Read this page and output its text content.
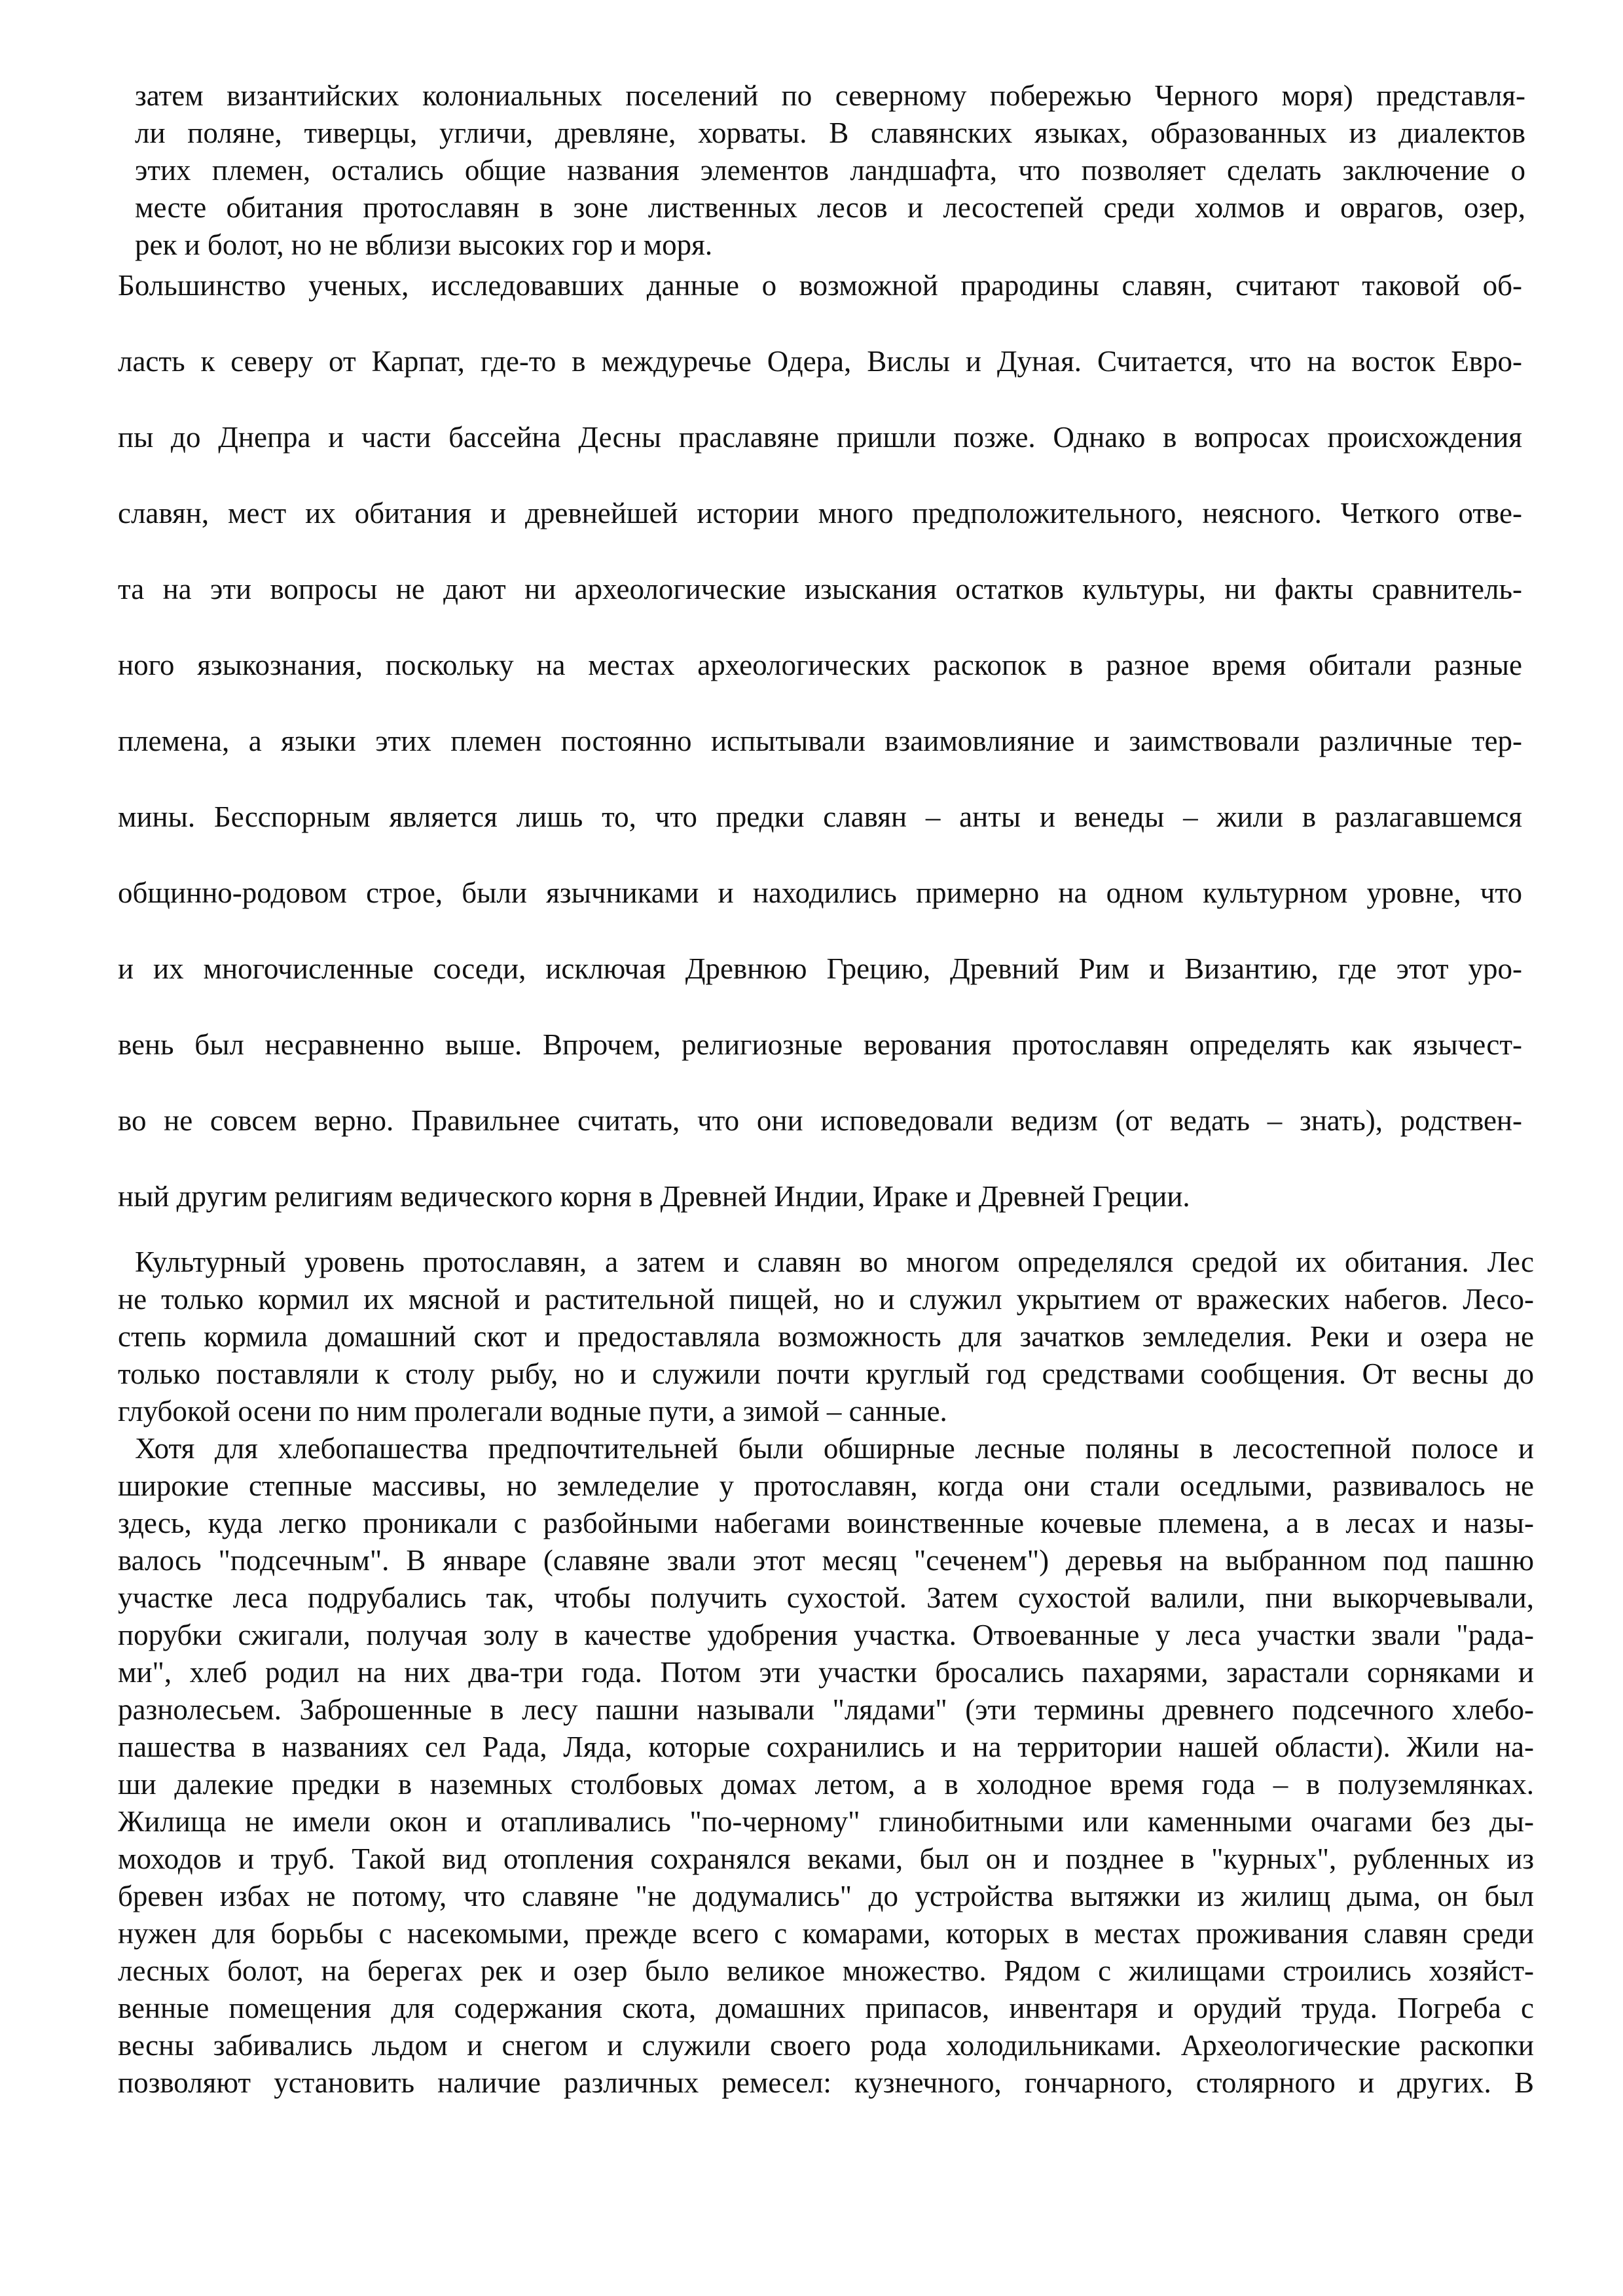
затем византийских колониальных поселений по северному побережью Черного моря) представля-
ли поляне, тиверцы, угличи, древляне, хорваты. В славянских языках, образованных из диалектов
этих племен, остались общие названия элементов ландшафта, что позволяет сделать заключение о
месте обитания протославян в зоне лиственных лесов и лесостепей среди холмов и оврагов, озер,
рек и болот, но не вблизи высоких гор и моря.
Большинство ученых, исследовавших данные о возможной прародины славян, считают таковой об-
ласть к северу от Карпат, где-то в междуречье Одера, Вислы и Дуная. Считается, что на восток Евро-
пы до Днепра и части бассейна Десны праславяне пришли позже. Однако в вопросах происхождения
славян, мест их обитания и древнейшей истории много предположительного, неясного. Четкого отве-
та на эти вопросы не дают ни археологические изыскания остатков культуры, ни факты сравнитель-
ного языкознания, поскольку на местах археологических раскопок в разное время обитали разные
племена, а языки этих племен постоянно испытывали взаимовлияние и заимствовали различные тер-
мины. Бесспорным является лишь то, что предки славян – анты и венеды – жили в разлагавшемся
общинно-родовом строе, были язычниками и находились примерно на одном культурном уровне, что
и их многочисленные соседи, исключая Древнюю Грецию, Древний Рим и Византию, где этот уро-
вень был несравненно выше. Впрочем, религиозные верования протославян определять как язычест-
во не совсем верно. Правильнее считать, что они исповедовали ведизм (от ведать – знать), родствен-
ный другим религиям ведического корня в Древней Индии, Ираке и Древней Греции.
Культурный уровень протославян, а затем и славян во многом определялся средой их обитания. Лес
не только кормил их мясной и растительной пищей, но и служил укрытием от вражеских набегов. Лесо-
степь кормила домашний скот и предоставляла возможность для зачатков земледелия. Реки и озера не
только поставляли к столу рыбу, но и служили почти круглый год средствами сообщения. От весны до
глубокой осени по ним пролегали водные пути, а зимой – санные.
Хотя для хлебопашества предпочтительней были обширные лесные поляны в лесостепной полосе и
широкие степные массивы, но земледелие у протославян, когда они стали оседлыми, развивалось не
здесь, куда легко проникали с разбойными набегами воинственные кочевые племена, а в лесах и назы-
валось "подсечным". В январе (славяне звали этот месяц "сеченем") деревья на выбранном под пашню
участке леса подрубались так, чтобы получить сухостой. Затем сухостой валили, пни выкорчевывали,
порубки сжигали, получая золу в качестве удобрения участка. Отвоеванные у леса участки звали "рада-
ми", хлеб родил на них два-три года. Потом эти участки бросались пахарями, зарастали сорняками и
разнолесьем. Заброшенные в лесу пашни называли "лядами" (эти термины древнего подсечного хлебо-
пашества в названиях сел Рада, Ляда, которые сохранились и на территории нашей области). Жили на-
ши далекие предки в наземных столбовых домах летом, а в холодное время года – в полуземлянках.
Жилища не имели окон и отапливались "по-черному" глинобитными или каменными очагами без ды-
моходов и труб. Такой вид отопления сохранялся веками, был он и позднее в "курных", рубленных из
бревен избах не потому, что славяне "не додумались" до устройства вытяжки из жилищ дыма, он был
нужен для борьбы с насекомыми, прежде всего с комарами, которых в местах проживания славян среди
лесных болот, на берегах рек и озер было великое множество. Рядом с жилищами строились хозяйст-
венные помещения для содержания скота, домашних припасов, инвентаря и орудий труда. Погреба с
весны забивались льдом и снегом и служили своего рода холодильниками. Археологические раскопки
позволяют установить наличие различных ремесел: кузнечного, гончарного, столярного и других. В
